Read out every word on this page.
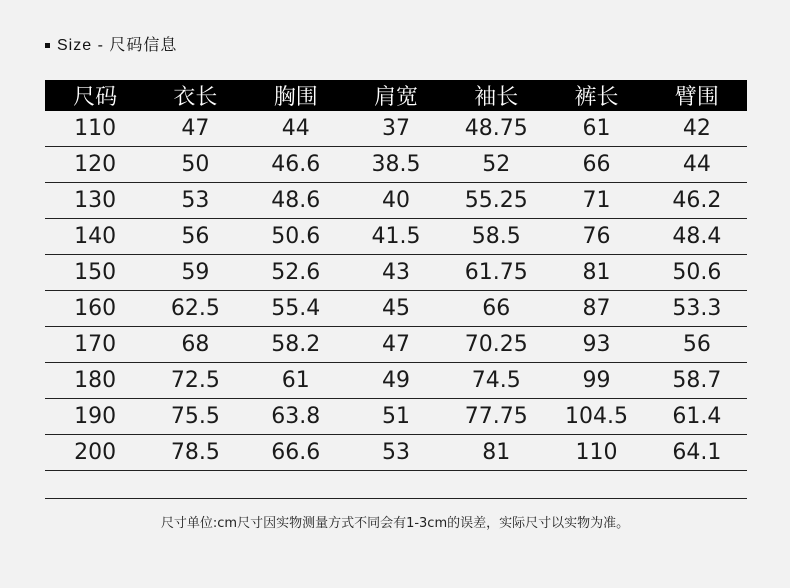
Size - 尺码信息
尺码	衣长	胸围	肩宽	袖长	裤长	臂围
110	47	44	37	48.75	61	42
120	50	46.6	38.5	52	66	44
130	53	48.6	40	55.25	71	46.2
140	56	50.6	41.5	58.5	76	48.4
150	59	52.6	43	61.75	81	50.6
160	62.5	55.4	45	66	87	53.3
170	68	58.2	47	70.25	93	56
180	72.5	61	49	74.5	99	58.7
190	75.5	63.8	51	77.75	104.5	61.4
200	78.5	66.6	53	81	110	64.1
尺寸单位:cm尺寸因实物测量方式不同会有1-3cm的误差，实际尺寸以实物为准。
